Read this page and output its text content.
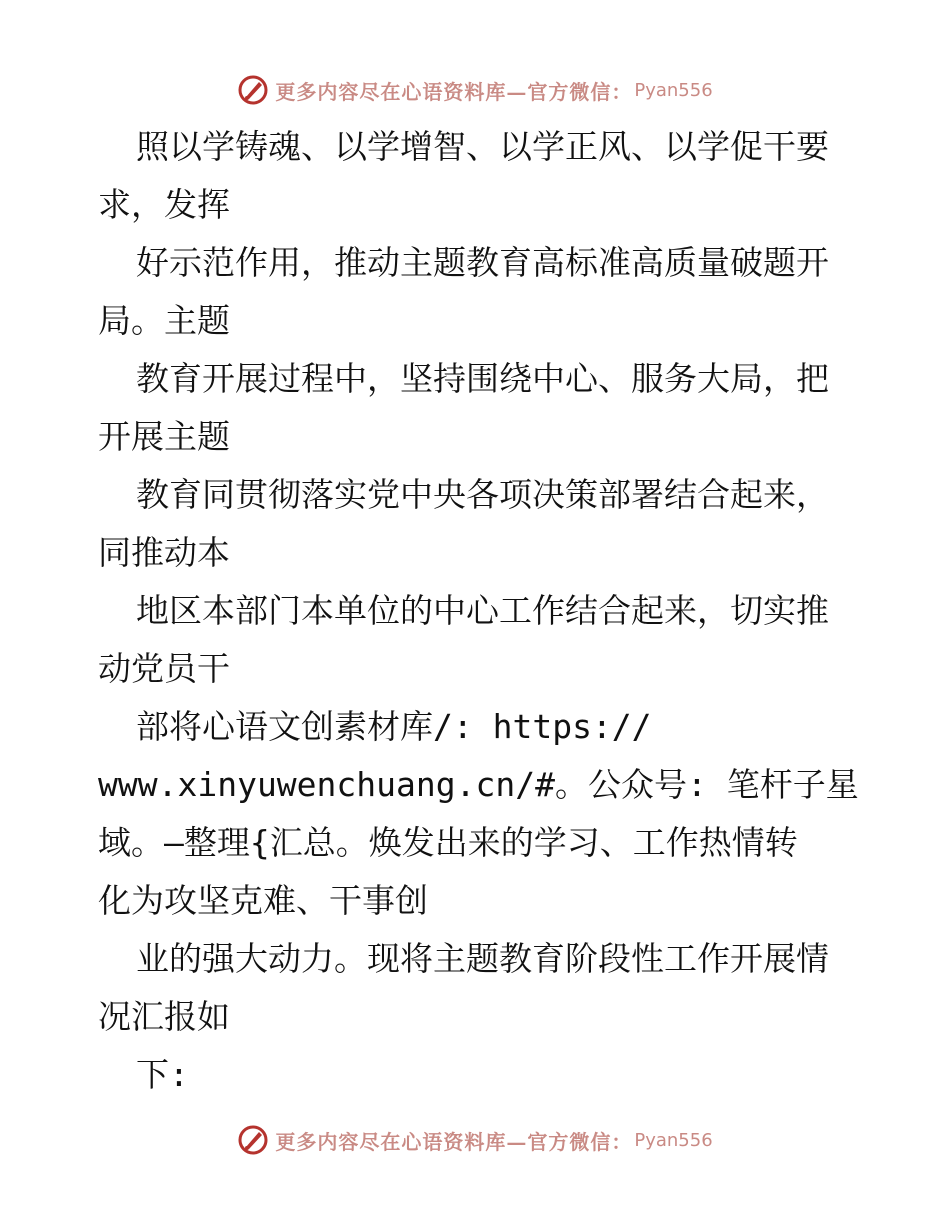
更多内容尽在心语资料库—官方微信： Pyan556
照以学铸魂、以学增智、以学正风、以学促干要
求，发挥
好示范作用，推动主题教育高标准高质量破题开
局。主题
教育开展过程中，坚持围绕中心、服务大局，把
开展主题
教育同贯彻落实党中央各项决策部署结合起来，
同推动本
地区本部门本单位的中心工作结合起来，切实推
动党员干
部将心语文创素材库/: https://
www.xinyuwenchuang.cn/#。公众号: 笔杆子星
域。—整理{汇总。焕发出来的学习、工作热情转
化为攻坚克难、干事创
业的强大动力。现将主题教育阶段性工作开展情
况汇报如
下:
更多内容尽在心语资料库—官方微信： Pyan556
